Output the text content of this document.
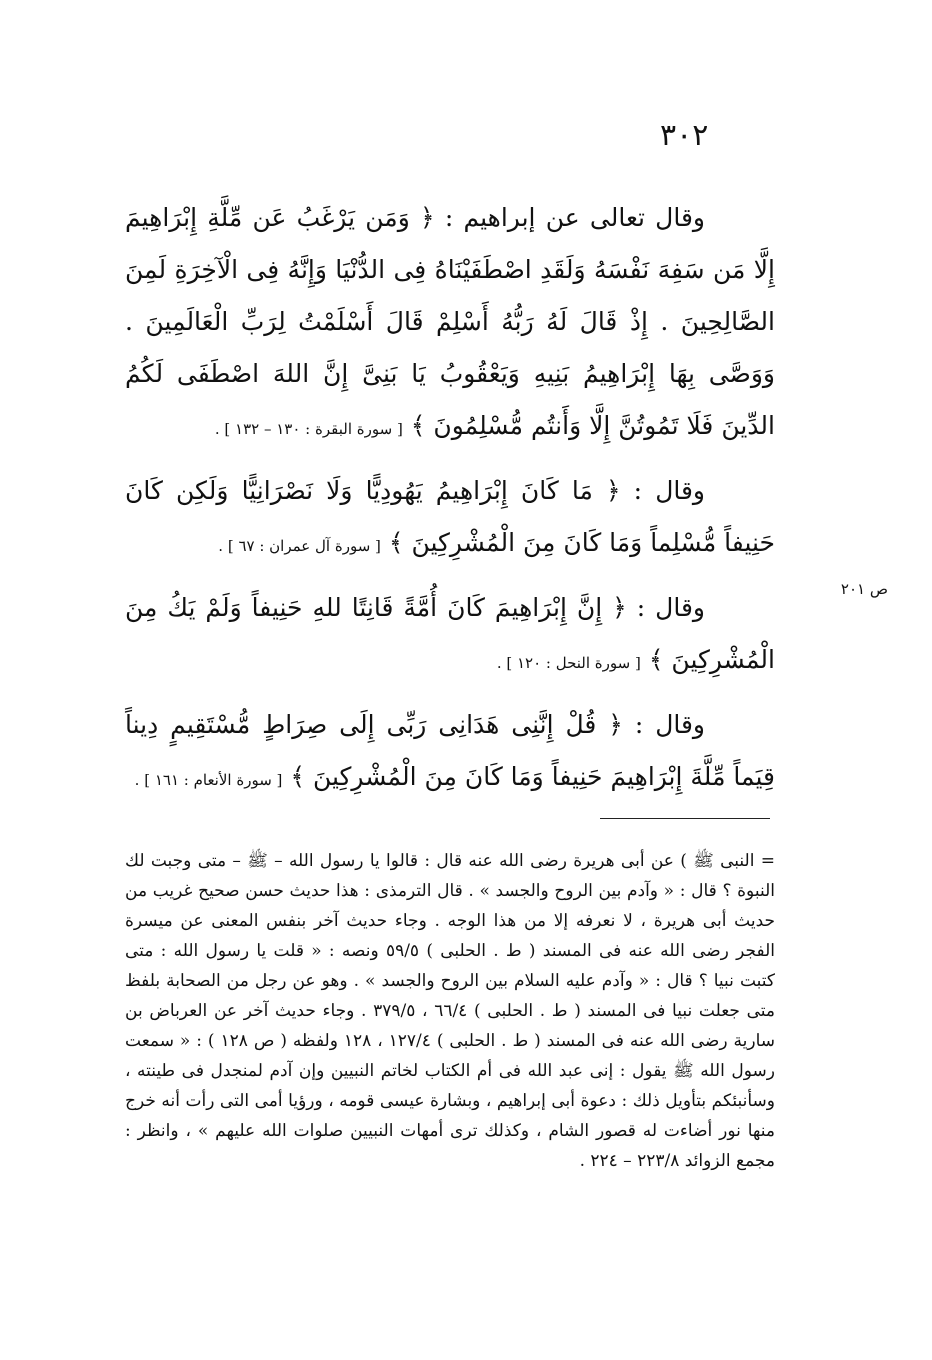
٣٠٢
ص ٢٠١

وقال تعالى عن إبراهيم : ﴿ وَمَن يَرْغَبُ عَن مِّلَّةِ إِبْرَاهِيمَ إِلَّا مَن سَفِهَ نَفْسَهُ وَلَقَدِ اصْطَفَيْنَاهُ فِى الدُّنْيَا وَإِنَّهُ فِى الْآخِرَةِ لَمِنَ الصَّالِحِينَ . إِذْ قَالَ لَهُ رَبُّهُ أَسْلِمْ قَالَ أَسْلَمْتُ لِرَبِّ الْعَالَمِينَ . وَوَصَّى بِهَا إِبْرَاهِيمُ بَنِيهِ وَيَعْقُوبُ يَا بَنِىَّ إِنَّ اللهَ اصْطَفَى لَكُمُ الدِّينَ فَلَا تَمُوتُنَّ إِلَّا وَأَنتُم مُّسْلِمُونَ ﴾ [ سورة البقرة : ١٣٠ – ١٣٢ ] .

وقال : ﴿ مَا كَانَ إِبْرَاهِيمُ يَهُودِيًّا وَلَا نَصْرَانِيًّا وَلَكِن كَانَ حَنِيفاً مُّسْلِماً وَمَا كَانَ مِنَ الْمُشْرِكِينَ ﴾ [ سورة آل عمران : ٦٧ ] .

وقال : ﴿ إِنَّ إِبْرَاهِيمَ كَانَ أُمَّةً قَانِتًا للهِ حَنِيفاً وَلَمْ يَكُ مِنَ الْمُشْرِكِينَ ﴾ [ سورة النحل : ١٢٠ ] .

وقال : ﴿ قُلْ إِنَّنِى هَدَانِى رَبِّى إِلَى صِرَاطٍ مُّسْتَقِيمٍ دِيناً قِيَماً مِّلَّةَ إِبْرَاهِيمَ حَنِيفاً وَمَا كَانَ مِنَ الْمُشْرِكِينَ ﴾ [ سورة الأنعام : ١٦١ ] .

= النبى ﷺ ) عن أبى هريرة رضى الله عنه قال : قالوا يا رسول الله – ﷺ – متى وجبت لك النبوة ؟ قال : « وآدم بين الروح والجسد » . قال الترمذى : هذا حديث حسن صحيح غريب من حديث أبى هريرة ، لا نعرفه إلا من هذا الوجه . وجاء حديث آخر بنفس المعنى عن ميسرة الفجر رضى الله عنه فى المسند ( ط . الحلبى ) ٥٩/٥ ونصه : « قلت يا رسول الله : متى كتبت نبيا ؟ قال : « وآدم عليه السلام بين الروح والجسد » . وهو عن رجل من الصحابة بلفظ متى جعلت نبيا فى المسند ( ط . الحلبى ) ٦٦/٤ ، ٣٧٩/٥ . وجاء حديث آخر عن العرباض بن سارية رضى الله عنه فى المسند ( ط . الحلبى ) ١٢٧/٤ ، ١٢٨ ولفظه ( ص ١٢٨ ) : « سمعت رسول الله ﷺ يقول : إنى عبد الله فى أم الكتاب لخاتم النبيين وإن آدم لمنجدل فى طينته ، وسأنبئكم بتأويل ذلك : دعوة أبى إبراهيم ، وبشارة عيسى قومه ، ورؤيا أمى التى رأت أنه خرج منها نور أضاءت له قصور الشام ، وكذلك ترى أمهات النبيين صلوات الله عليهم » ، وانظر : مجمع الزوائد ٢٢٣/٨ – ٢٢٤ .
